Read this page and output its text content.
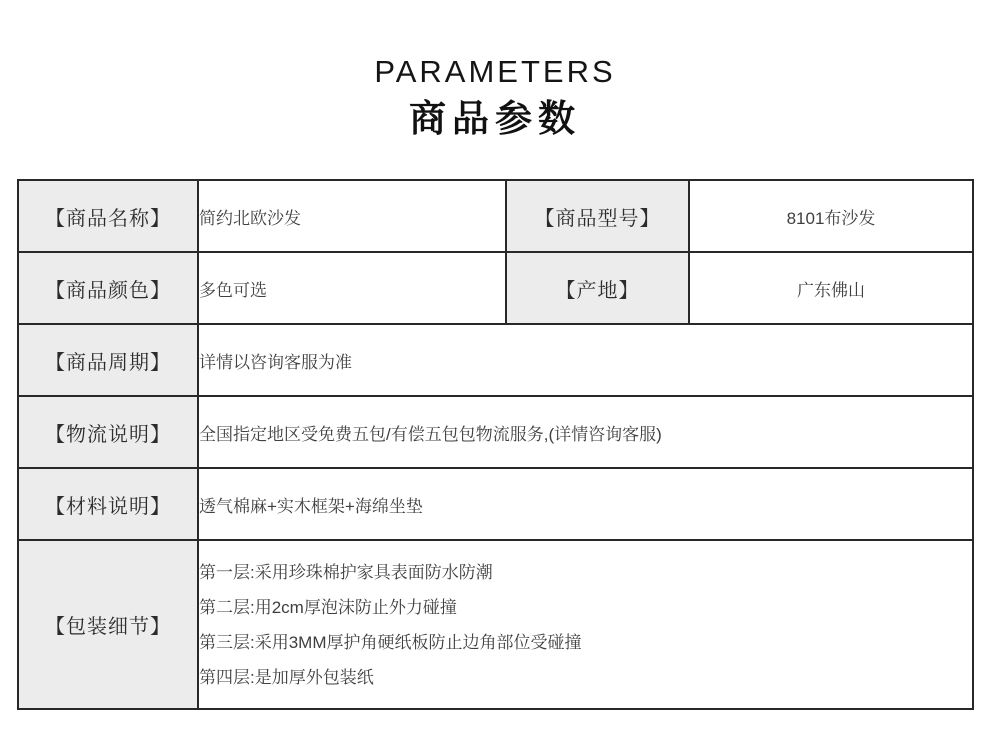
PARAMETERS
商品参数
【商品名称】	简约北欧沙发	【商品型号】	8101布沙发
【商品颜色】	多色可选	【产地】	广东佛山
【商品周期】	详情以咨询客服为准		
【物流说明】	全国指定地区受免费五包/有偿五包包物流服务,(详情咨询客服)		
【材料说明】	透气棉麻+实木框架+海绵坐垫		
【包装细节】	第一层:采用珍珠棉护家具表面防水防潮
第二层:用2cm厚泡沫防止外力碰撞
第三层:采用3MM厚护角硬纸板防止边角部位受碰撞
第四层:是加厚外包装纸		
